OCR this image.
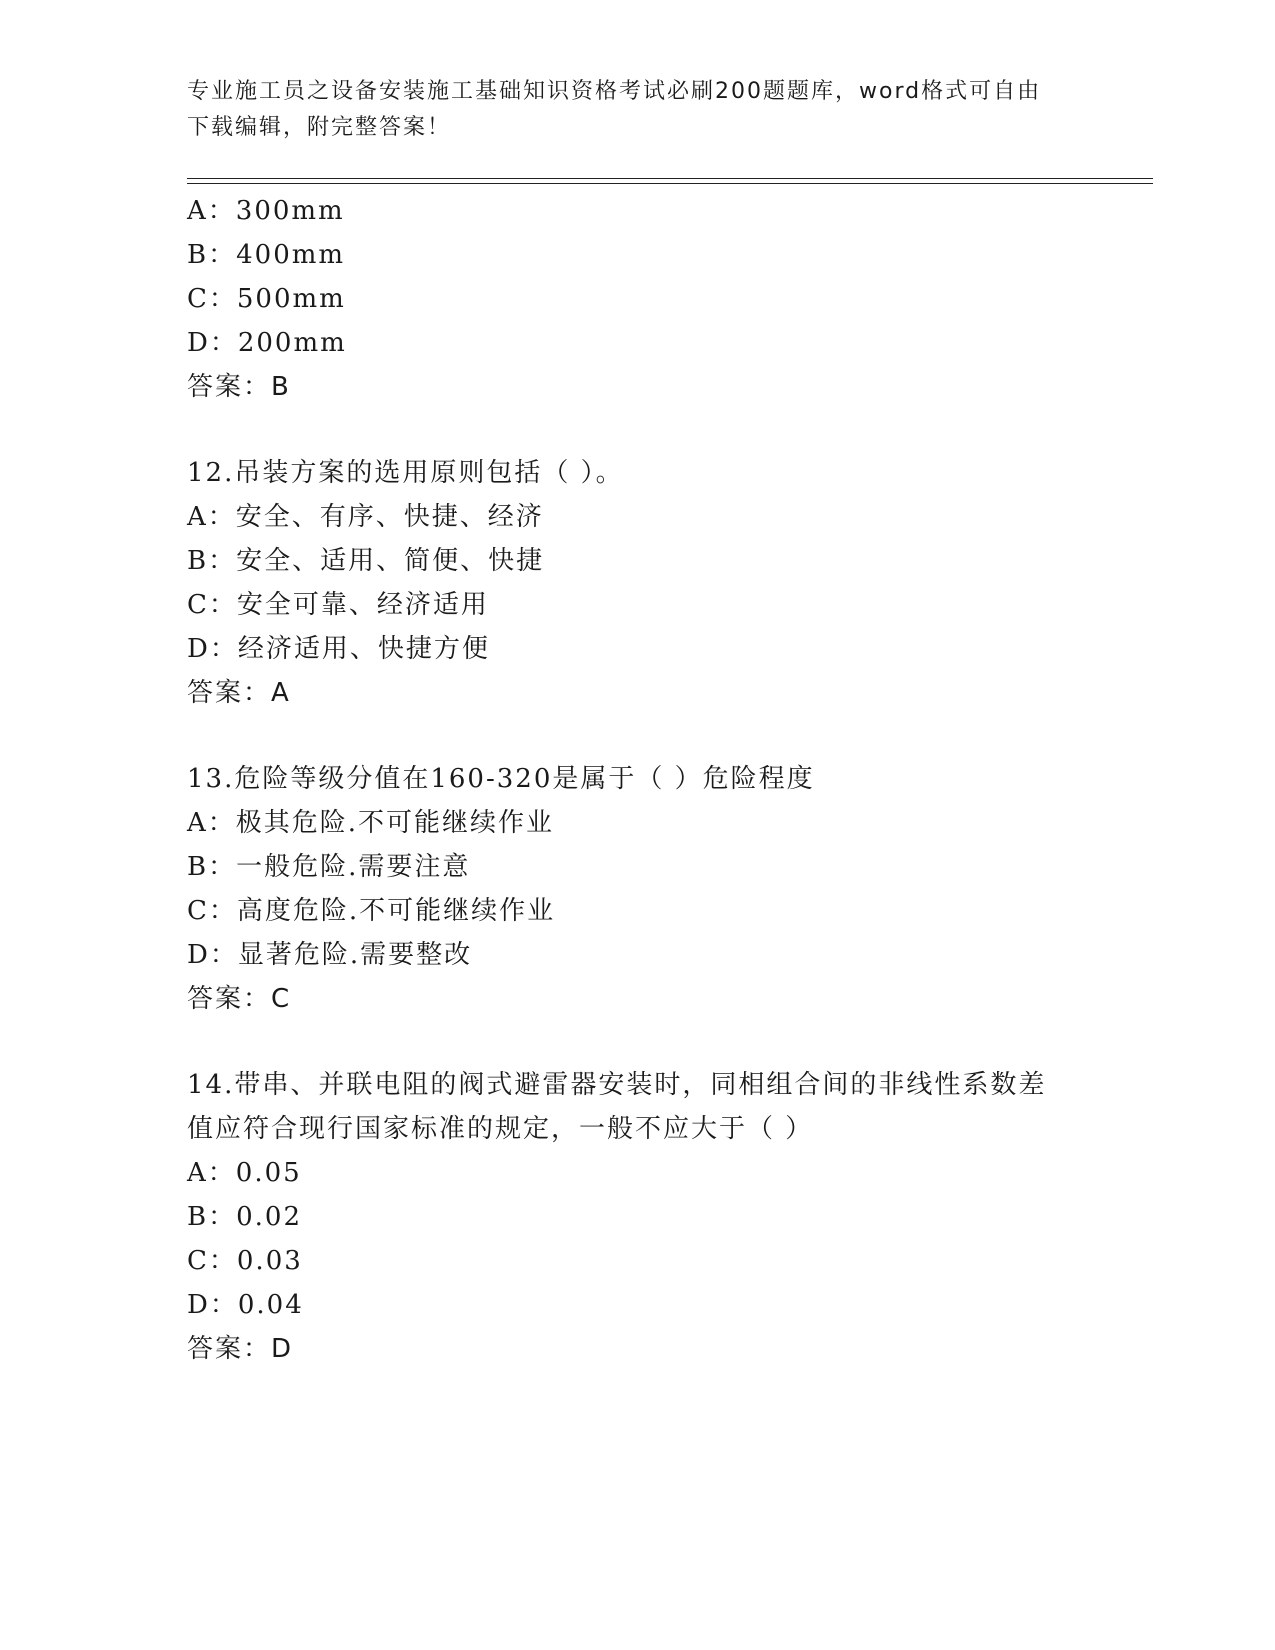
专业施工员之设备安装施工基础知识资格考试必刷200题题库，word格式可自由
下载编辑，附完整答案！
A：300mm
B：400mm
C：500mm
D：200mm
答案：B
12.吊装方案的选用原则包括（ ）。
A：安全、有序、快捷、经济
B：安全、适用、简便、快捷
C：安全可靠、经济适用
D：经济适用、快捷方便
答案：A
13.危险等级分值在160-320是属于（ ）危险程度
A：极其危险.不可能继续作业
B：一般危险.需要注意
C：高度危险.不可能继续作业
D：显著危险.需要整改
答案：C
14.带串、并联电阻的阀式避雷器安装时，同相组合间的非线性系数差
值应符合现行国家标准的规定，一般不应大于（ ）
A：0.05
B：0.02
C：0.03
D：0.04
答案：D
